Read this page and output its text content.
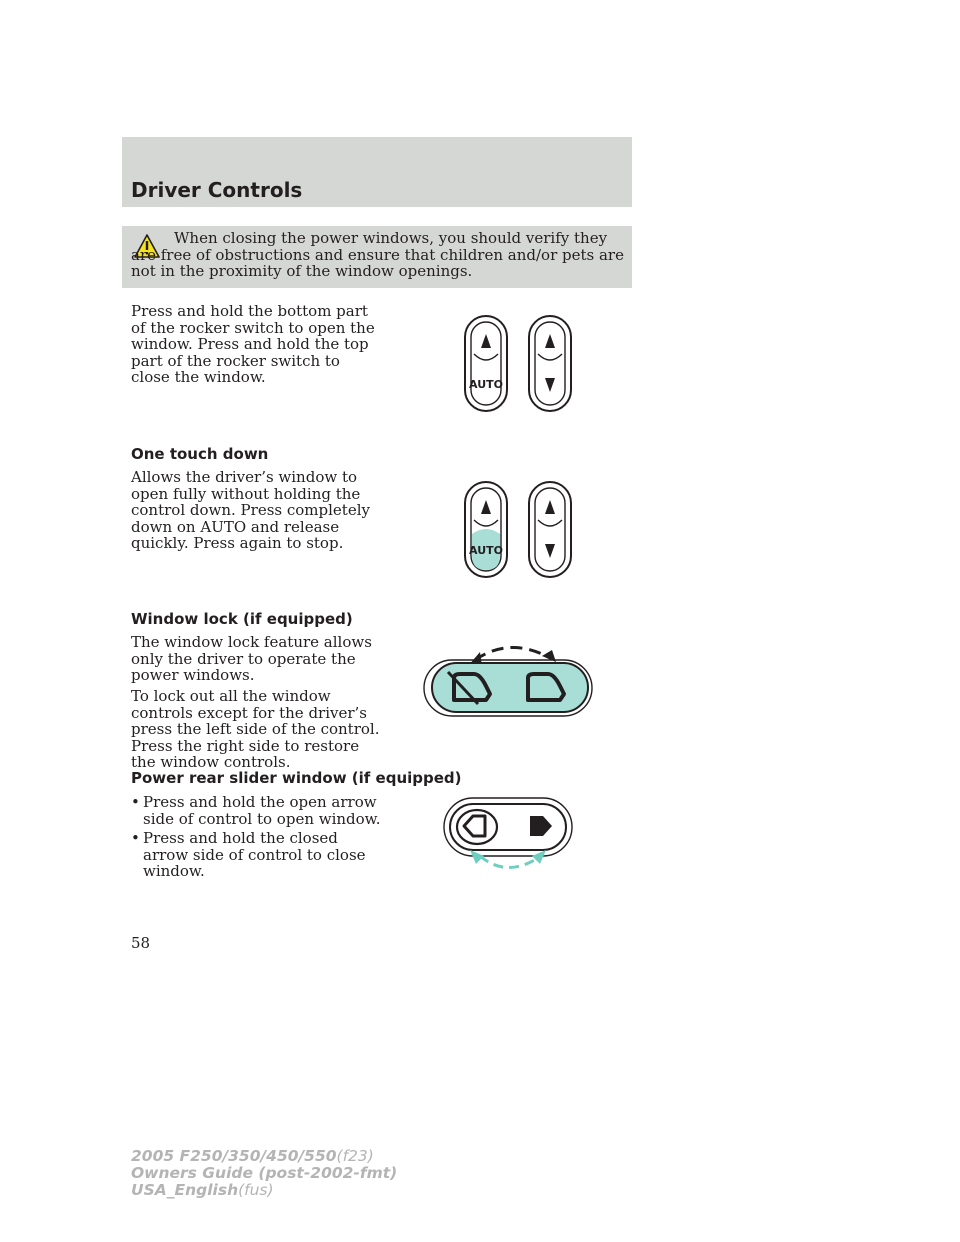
Driver Controls

When closing the power windows, you should verify they are free of obstructions and ensure that children and/or pets are not in the proximity of the window openings.

Press and hold the bottom part of the rocker switch to open the window. Press and hold the top part of the rocker switch to close the window.	AUTO
One touch down

Allows the driver’s window to open fully without holding the control down. Press completely down on AUTO and release quickly. Press again to stop.	AUTO
Window lock (if equipped)

The window lock feature allows only the driver to operate the power windows.

To lock out all the window controls except for the driver’s press the left side of the control. Press the right side to restore the window controls.

Power rear slider window (if equipped)
• Press and hold the open arrow side of control to open window.

• Press and hold the closed arrow side of control to close window.

58

2005 F250/350/450/550(f23)
Owners Guide (post-2002-fmt)
USA_English(fus)
